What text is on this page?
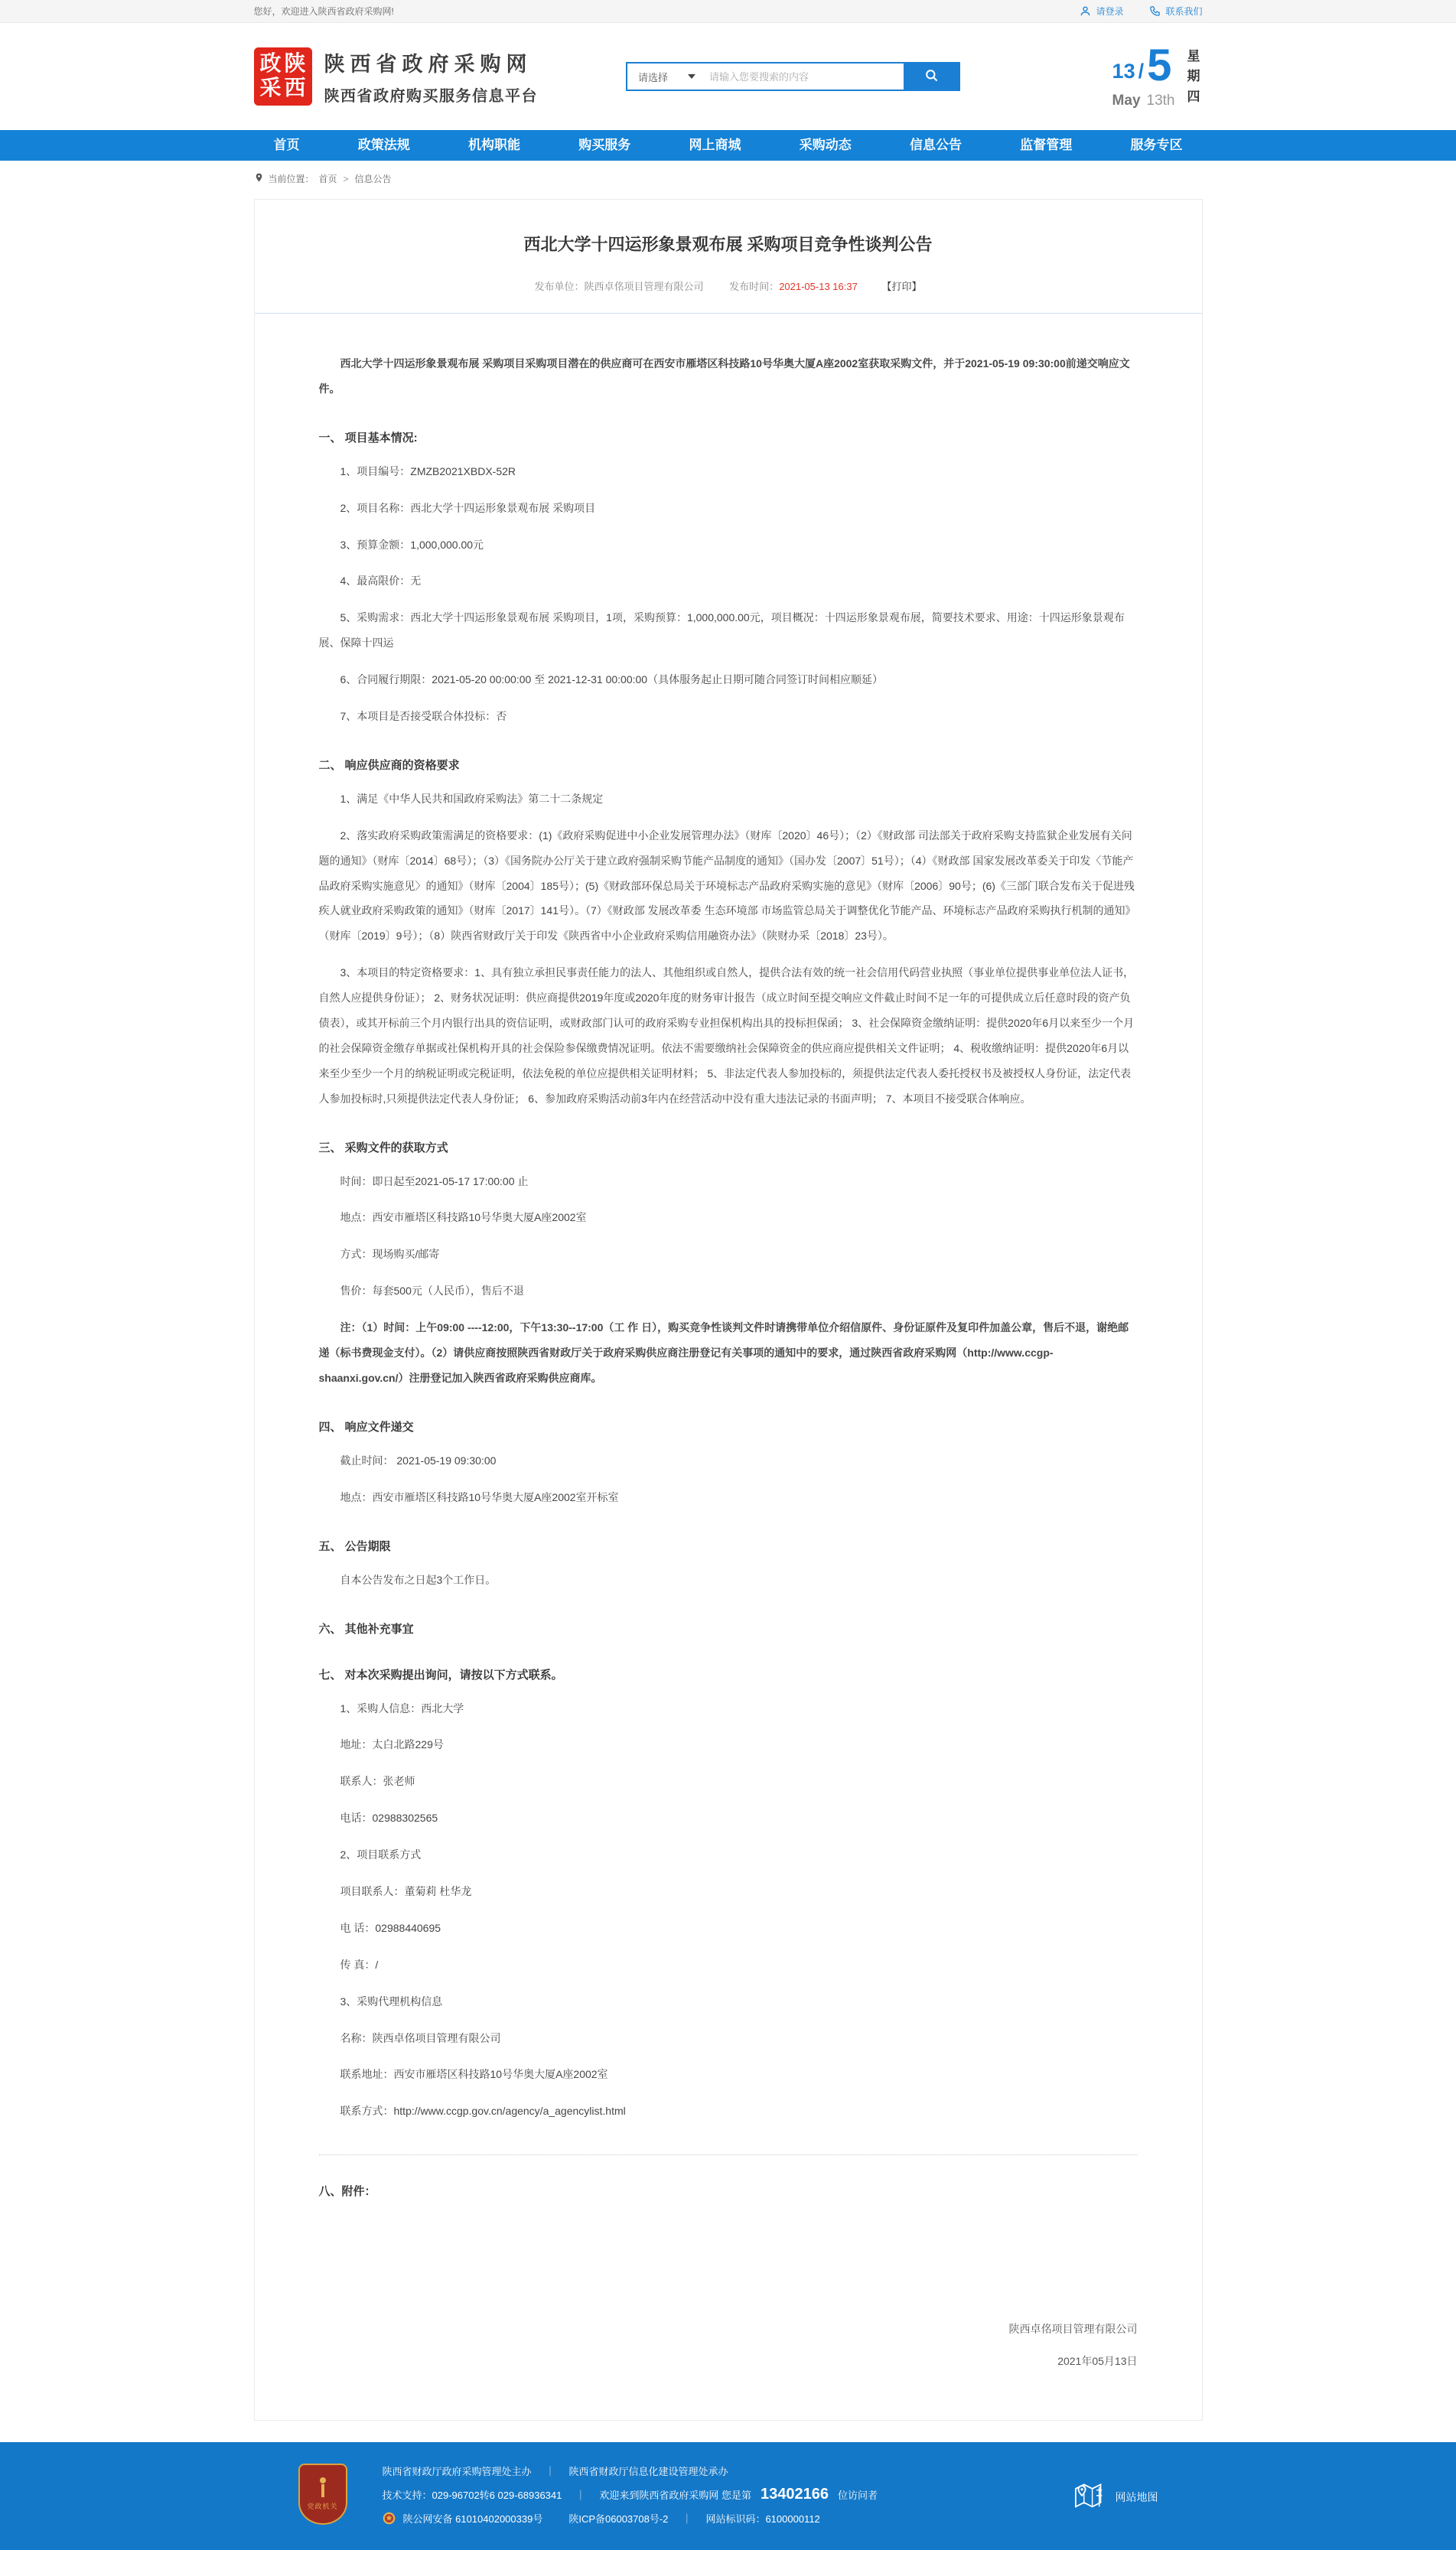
您好，欢迎进入陕西省政府采购网!	请登录	联系我们
政 陕
采 西
陕西省政府采购网
陕西省政府购买服务信息平台
请选择
请输入您要搜索的内容	13 / 5
May 13th
星期四
首页	政策法规	机构职能	购买服务	网上商城	采购动态	信息公告	监督管理	服务专区
当前位置： 首页 > 信息公告
西北大学十四运形象景观布展 采购项目竞争性谈判公告
发布单位：陕西卓佲项目管理有限公司	发布时间：2021-05-13 16:37 【打印】

西北大学十四运形象景观布展 采购项目采购项目潜在的供应商可在西安市雁塔区科技路10号华奥大厦A座2002室获取采购文件，并于2021-05-19 09:30:00前递交响应文件。

一、 项目基本情况:

1、项目编号：ZMZB2021XBDX-52R

2、项目名称：西北大学十四运形象景观布展 采购项目

3、预算金额：1,000,000.00元

4、最高限价：无

5、采购需求：西北大学十四运形象景观布展 采购项目，1项，采购预算：1,000,000.00元，项目概况：十四运形象景观布展，简要技术要求、用途：十四运形象景观布展、保障十四运

6、合同履行期限：2021-05-20 00:00:00 至 2021-12-31 00:00:00（具体服务起止日期可随合同签订时间相应顺延）

7、本项目是否接受联合体投标：否

二、 响应供应商的资格要求

1、满足《中华人民共和国政府采购法》第二十二条规定

2、落实政府采购政策需满足的资格要求：(1)《政府采购促进中小企业发展管理办法》（财库〔2020〕46号）；（2）《财政部 司法部关于政府采购支持监狱企业发展有关问题的通知》（财库〔2014〕68号）；（3）《国务院办公厅关于建立政府强制采购节能产品制度的通知》（国办发〔2007〕51号）；（4）《财政部 国家发展改革委关于印发〈节能产品政府采购实施意见〉的通知》（财库〔2004〕185号）；(5)《财政部环保总局关于环境标志产品政府采购实施的意见》（财库〔2006〕90号；(6)《三部门联合发布关于促进残疾人就业政府采购政策的通知》（财库〔2017〕141号）。（7）《财政部 发展改革委 生态环境部 市场监管总局关于调整优化节能产品、环境标志产品政府采购执行机制的通知》（财库〔2019〕9号）；（8）陕西省财政厅关于印发《陕西省中小企业政府采购信用融资办法》（陕财办采〔2018〕23号）。

3、本项目的特定资格要求：1、具有独立承担民事责任能力的法人、其他组织或自然人，提供合法有效的统一社会信用代码营业执照（事业单位提供事业单位法人证书，自然人应提供身份证）； 2、财务状况证明：供应商提供2019年度或2020年度的财务审计报告（成立时间至提交响应文件截止时间不足一年的可提供成立后任意时段的资产负债表），或其开标前三个月内银行出具的资信证明，或财政部门认可的政府采购专业担保机构出具的投标担保函； 3、社会保障资金缴纳证明：提供2020年6月以来至少一个月的社会保障资金缴存单据或社保机构开具的社会保险参保缴费情况证明。依法不需要缴纳社会保障资金的供应商应提供相关文件证明； 4、税收缴纳证明：提供2020年6月以来至少至少一个月的纳税证明或完税证明，依法免税的单位应提供相关证明材料； 5、非法定代表人参加投标的，须提供法定代表人委托授权书及被授权人身份证，法定代表人参加投标时,只须提供法定代表人身份证； 6、参加政府采购活动前3年内在经营活动中没有重大违法记录的书面声明； 7、本项目不接受联合体响应。

三、 采购文件的获取方式

时间：即日起至2021-05-17 17:00:00 止

地点：西安市雁塔区科技路10号华奥大厦A座2002室

方式：现场购买/邮寄

售价：每套500元（人民币），售后不退

注：（1）时间：上午09:00 ----12:00，下午13:30--17:00（工 作 日），购买竞争性谈判文件时请携带单位介绍信原件、身份证原件及复印件加盖公章，售后不退，谢绝邮递（标书费现金支付）。（2）请供应商按照陕西省财政厅关于政府采购供应商注册登记有关事项的通知中的要求，通过陕西省政府采购网（http://www.ccgp-shaanxi.gov.cn/）注册登记加入陕西省政府采购供应商库。

四、 响应文件递交

截止时间： 2021-05-19 09:30:00

地点：西安市雁塔区科技路10号华奥大厦A座2002室开标室

五、 公告期限

自本公告发布之日起3个工作日。

六、 其他补充事宜

七、 对本次采购提出询问，请按以下方式联系。

1、采购人信息：西北大学

地址：太白北路229号

联系人：张老师

电话：02988302565

2、项目联系方式

项目联系人：董菊莉 杜华龙

电 话：02988440695

传 真：/

3、采购代理机构信息

名称：陕西卓佲项目管理有限公司

联系地址：西安市雁塔区科技路10号华奥大厦A座2002室

联系方式：http://www.ccgp.gov.cn/agency/a_agencylist.html

八、附件：

陕西卓佲项目管理有限公司
2021年05月13日
党政机关
陕西省财政厅政府采购管理处主办	｜	陕西省财政厅信息化建设管理处承办
技术支持：029-96702转6 029-68936341	｜	欢迎来到陕西省政府采购网 您是第 13402166 位访问者
陕公网安备 61010402000339号	陕ICP备06003708号-2	｜	网站标识码：6100000112
网站地图
